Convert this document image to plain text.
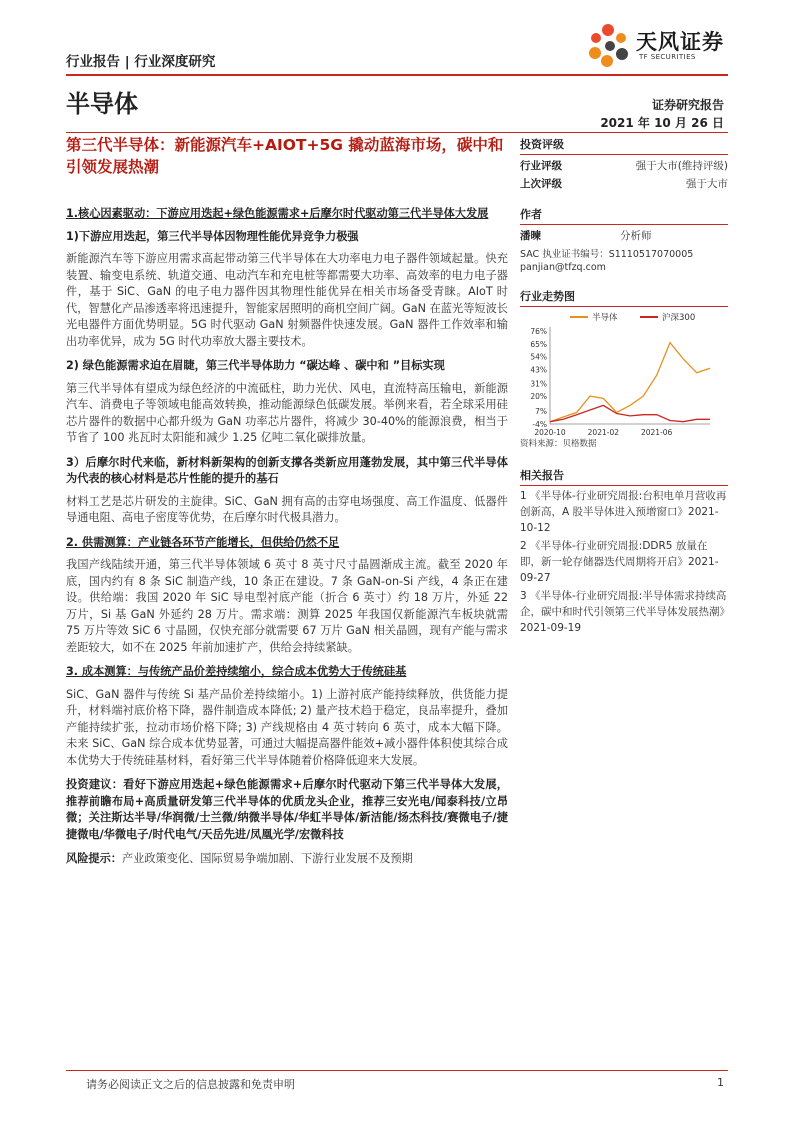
行业报告 | 行业深度研究
天风证券
TF SECURITIES
半导体	证券研究报告
2021 年 10 月 26 日
第三代半导体：新能源汽车+AIOT+5G 撬动蓝海市场，碳中和引领发展热潮

1.核心因素驱动：下游应用迭起+绿色能源需求+后摩尔时代驱动第三代半导体大发展

1)下游应用迭起，第三代半导体因物理性能优异竞争力极强

新能源汽车等下游应用需求高起带动第三代半导体在大功率电力电子器件领域起量。快充装置、输变电系统、轨道交通、电动汽车和充电桩等都需要大功率、高效率的电力电子器件，基于 SiC、GaN 的电子电力器件因其物理性能优异在相关市场备受青睐。AIoT 时代，智慧化产品渗透率将迅速提升，智能家居照明的商机空间广阔。GaN 在蓝光等短波长光电器件方面优势明显。5G 时代驱动 GaN 射频器件快速发展。GaN 器件工作效率和输出功率优异，成为 5G 时代功率放大器主要技术。

2) 绿色能源需求迫在眉睫，第三代半导体助力 “碳达峰 、碳中和 ”目标实现

第三代半导体有望成为绿色经济的中流砥柱，助力光伏、风电，直流特高压输电，新能源汽车、消费电子等领域电能高效转换，推动能源绿色低碳发展。举例来看，若全球采用硅芯片器件的数据中心都升级为 GaN 功率芯片器件，将减少 30-40%的能源浪费，相当于节省了 100 兆瓦时太阳能和减少 1.25 亿吨二氧化碳排放量。

3）后摩尔时代来临，新材料新架构的创新支撑各类新应用蓬勃发展，其中第三代半导体为代表的核心材料是芯片性能的提升的基石

材料工艺是芯片研发的主旋律。SiC、GaN 拥有高的击穿电场强度、高工作温度、低器件导通电阻、高电子密度等优势，在后摩尔时代极具潜力。

2. 供需测算：产业链各环节产能增长，但供给仍然不足

我国产线陆续开通，第三代半导体领域 6 英寸 8 英寸尺寸晶圆渐成主流。截至 2020 年底，国内约有 8 条 SiC 制造产线，10 条正在建设。7 条 GaN-on-Si 产线，4 条正在建设。供给端：我国 2020 年 SiC 导电型衬底产能（折合 6 英寸）约 18 万片，外延 22 万片，Si 基 GaN 外延约 28 万片。需求端：测算 2025 年我国仅新能源汽车板块就需 75 万片等效 SiC 6 寸晶圆，仅快充部分就需要 67 万片 GaN 相关晶圆，现有产能与需求差距较大，如不在 2025 年前加速扩产，供给会持续紧缺。

3. 成本测算：与传统产品价差持续缩小，综合成本优势大于传统硅基

SiC、GaN 器件与传统 Si 基产品价差持续缩小。1) 上游衬底产能持续释放，供货能力提升，材料端衬底价格下降，器件制造成本降低; 2) 量产技术趋于稳定，良品率提升，叠加产能持续扩张，拉动市场价格下降; 3) 产线规格由 4 英寸转向 6 英寸，成本大幅下降。未来 SiC、GaN 综合成本优势显著，可通过大幅提高器件能效+减小器件体积使其综合成本优势大于传统硅基材料，看好第三代半导体随着价格降低迎来大发展。

投资建议：看好下游应用迭起+绿色能源需求+后摩尔时代驱动下第三代半导体大发展，推荐前瞻布局+高质量研发第三代半导体的优质龙头企业，推荐三安光电/闻泰科技/立昂微；关注斯达半导/华润微/士兰微/纳微半导体/华虹半导体/新洁能/扬杰科技/赛微电子/捷捷微电/华微电子/时代电气/天岳先进/凤凰光学/宏微科技

风险提示：产业政策变化、国际贸易争端加剧、下游行业发展不及预期

投资评级
行业评级	强于大市(维持评级)
上次评级	强于大市
作者
潘暕	分析师
SAC 执业证书编号：S1110517070005
panjian@tfzq.com
行业走势图
半导体	沪深300
-4%
7%
20%
31%
43%
54%
65%
76%
2020-10	2021-02	2021-06
资料来源：贝格数据
相关报告
1 《半导体-行业研究周报:台积电单月营收再创新高，A 股半导体进入预增窗口》2021-10-12
2 《半导体-行业研究周报:DDR5 放量在即，新一轮存储器迭代周期将开启》2021-09-27
3 《半导体-行业研究周报:半导体需求持续高企，碳中和时代引领第三代半导体发展热潮》2021-09-19
请务必阅读正文之后的信息披露和免责申明	1
